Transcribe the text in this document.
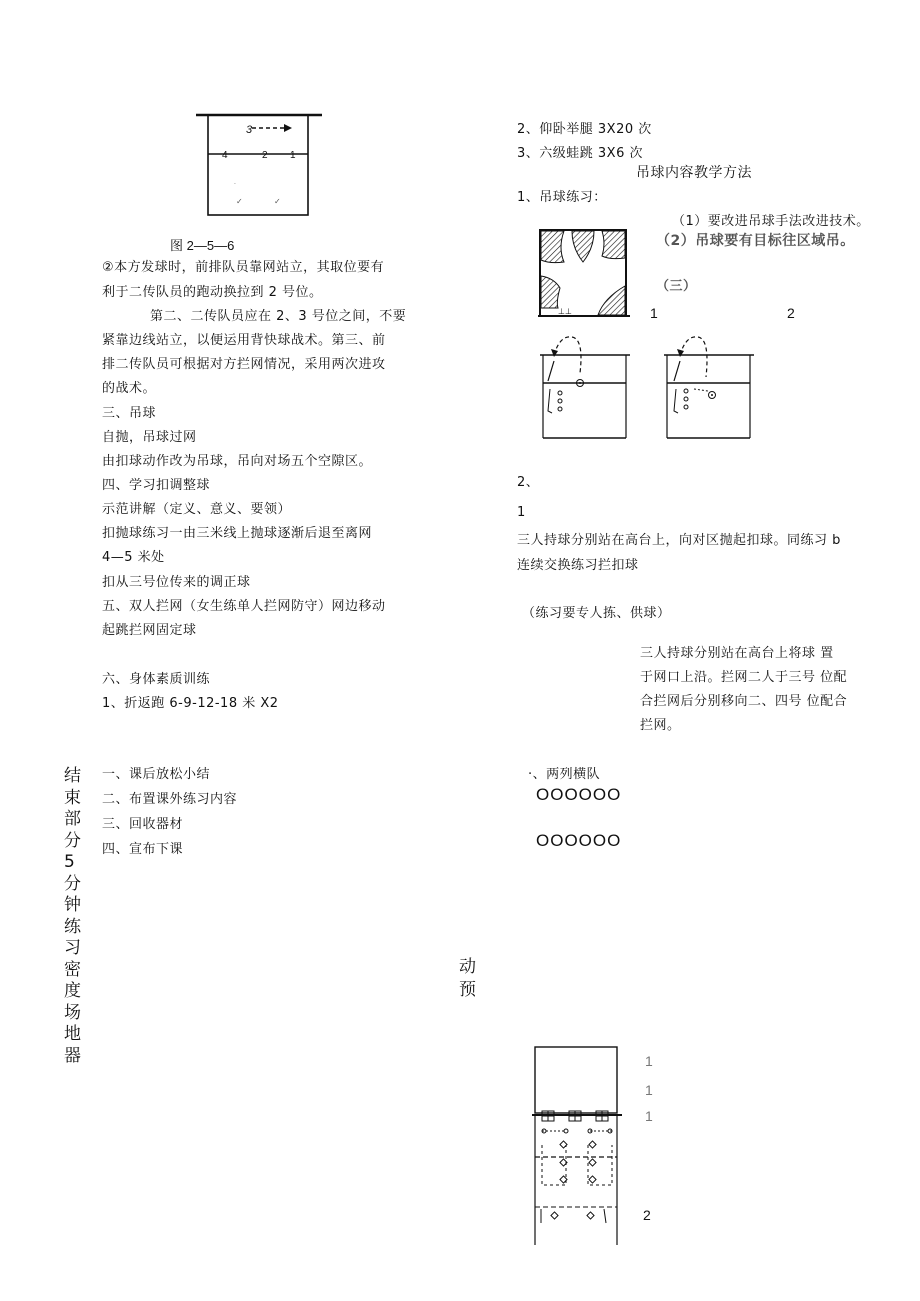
·
✓	✓
3
4	2 1
图 2—5—6
②本方发球时，前排队员靠网站立，其取位要有
利于二传队员的跑动换拉到 2 号位。
第二、二传队员应在 2、3 号位之间，不要
紧靠边线站立，以便运用背快球战术。第三、前
排二传队员可根据对方拦网情况，采用两次进攻
的战术。
三、吊球
自抛，吊球过网
由扣球动作改为吊球，吊向对场五个空隙区。
四、学习扣调整球
示范讲解（定义、意义、要领）
扣抛球练习一由三米线上抛球逐渐后退至离网
4—5 米处
扣从三号位传来的调正球
五、双人拦网（女生练单人拦网防守）网边移动
起跳拦网固定球
六、身体素质训练
1、折返跑 6-9-12-18 米 X2
结束部分5分钟练习密度场地器
一、课后放松小结
二、布置课外练习内容
三、回收器材
四、宣布下课
动
预
2、仰卧举腿 3X20 次
3、六级蛙跳 3X6 次
吊球内容教学方法
1、吊球练习：
（1）要改进吊球手法改进技术。
（2）吊球要有目标往区域吊。
（三）
⊥⊥	1	2
2、
1
三人持球分别站在高台上，向对区抛起扣球。同练习 b
连续交换练习拦扣球
（练习要专人拣、供球）
三人持球分别站在高台上将球 置
于网口上沿。拦网二人于三号 位配
合拦网后分别移向二、四号 位配合
拦网。
·、两列横队
OOOOOO
OOOOOO
1
1
1
2
